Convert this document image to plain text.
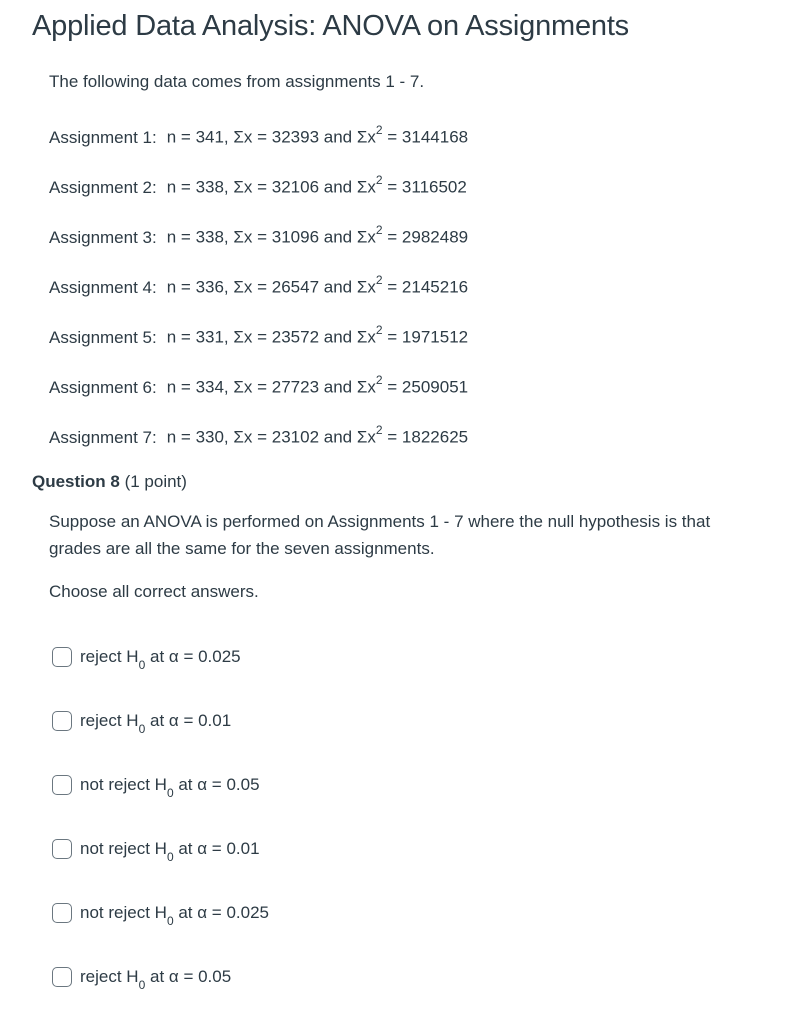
Applied Data Analysis: ANOVA on Assignments
The following data comes from assignments 1 - 7.
Assignment 1: n = 341, Σx = 32393 and $\Sigma x^2 = 3144168$
Assignment 2: n = 338, Σx = 32106 and $\Sigma x^2 = 3116502$
Assignment 3: n = 338, Σx = 31096 and $\Sigma x^2 = 2982489$
Assignment 4: n = 336, Σx = 26547 and $\Sigma x^2 = 2145216$
Assignment 5: n = 331, Σx = 23572 and $\Sigma x^2 = 1971512$
Assignment 6: n = 334, Σx = 27723 and $\Sigma x^2 = 2509051$
Assignment 7: n = 330, Σx = 23102 and $\Sigma x^2 = 1822625$
Question 8 (1 point)
Suppose an ANOVA is performed on Assignments 1 - 7 where the null hypothesis is that grades are all the same for the seven assignments.
Choose all correct answers.
reject $H_0$ at α = 0.025
reject $H_0$ at α = 0.01
not reject $H_0$ at α = 0.05
not reject $H_0$ at α = 0.01
not reject $H_0$ at α = 0.025
reject $H_0$ at α = 0.05
